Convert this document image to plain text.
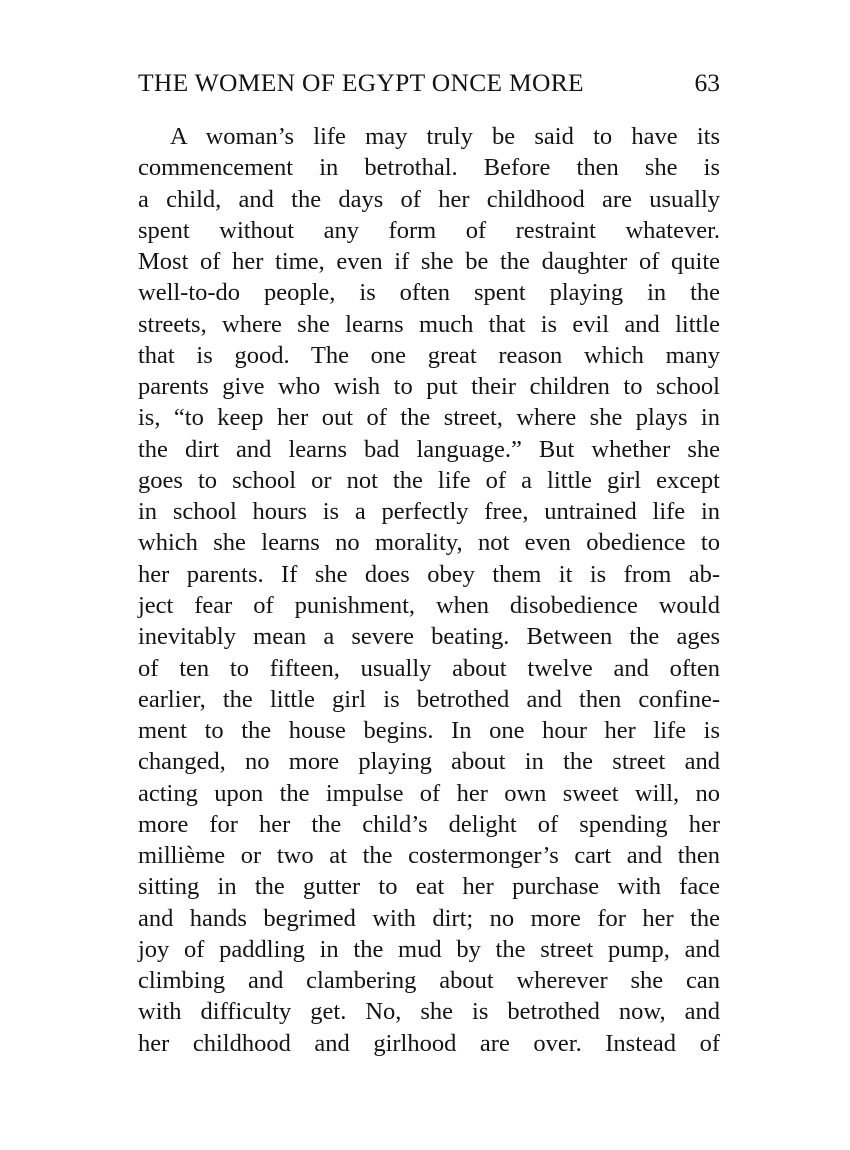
THE WOMEN OF EGYPT ONCE MORE	63
A woman’s life may truly be said to have its
commencement in betrothal. Before then she is
a child, and the days of her childhood are usually
spent without any form of restraint whatever.
Most of her time, even if she be the daughter of quite
well-to-do people, is often spent playing in the
streets, where she learns much that is evil and little
that is good. The one great reason which many
parents give who wish to put their children to school
is, “to keep her out of the street, where she plays in
the dirt and learns bad language.” But whether she
goes to school or not the life of a little girl except
in school hours is a perfectly free, untrained life in
which she learns no morality, not even obedience to
her parents. If she does obey them it is from ab-
ject fear of punishment, when disobedience would
inevitably mean a severe beating. Between the ages
of ten to fifteen, usually about twelve and often
earlier, the little girl is betrothed and then confine-
ment to the house begins. In one hour her life is
changed, no more playing about in the street and
acting upon the impulse of her own sweet will, no
more for her the child’s delight of spending her
millième or two at the costermonger’s cart and then
sitting in the gutter to eat her purchase with face
and hands begrimed with dirt; no more for her the
joy of paddling in the mud by the street pump, and
climbing and clambering about wherever she can
with difficulty get. No, she is betrothed now, and
her childhood and girlhood are over. Instead of
